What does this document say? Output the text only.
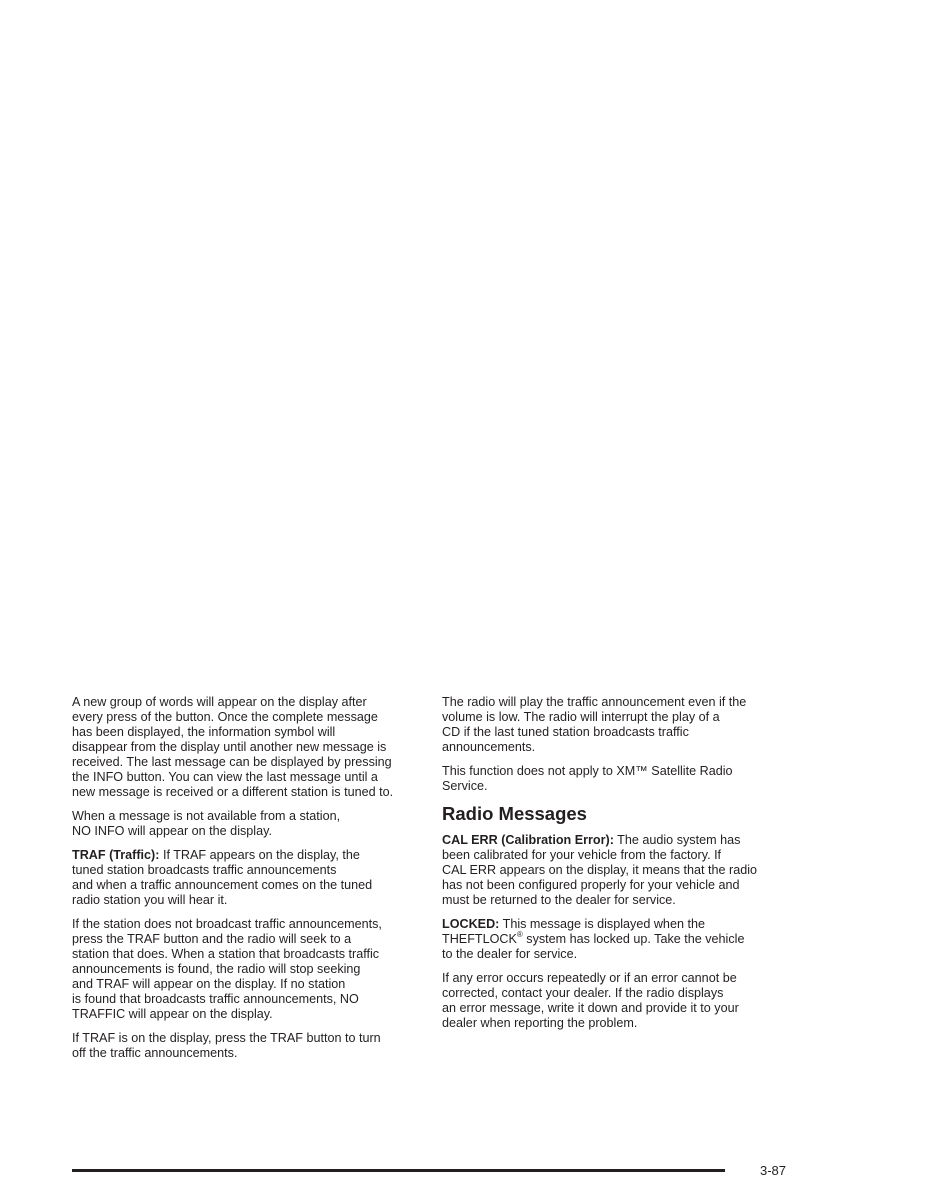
A new group of words will appear on the display after
every press of the button. Once the complete message
has been displayed, the information symbol will
disappear from the display until another new message is
received. The last message can be displayed by pressing
the INFO button. You can view the last message until a
new message is received or a different station is tuned to.

When a message is not available from a station,
NO INFO will appear on the display.

TRAF (Traffic): If TRAF appears on the display, the
tuned station broadcasts traffic announcements
and when a traffic announcement comes on the tuned
radio station you will hear it.

If the station does not broadcast traffic announcements,
press the TRAF button and the radio will seek to a
station that does. When a station that broadcasts traffic
announcements is found, the radio will stop seeking
and TRAF will appear on the display. If no station
is found that broadcasts traffic announcements, NO
TRAFFIC will appear on the display.

If TRAF is on the display, press the TRAF button to turn
off the traffic announcements.

The radio will play the traffic announcement even if the
volume is low. The radio will interrupt the play of a
CD if the last tuned station broadcasts traffic
announcements.

This function does not apply to XM™ Satellite Radio
Service.

Radio Messages

CAL ERR (Calibration Error): The audio system has
been calibrated for your vehicle from the factory. If
CAL ERR appears on the display, it means that the radio
has not been configured properly for your vehicle and
must be returned to the dealer for service.

LOCKED: This message is displayed when the
THEFTLOCK® system has locked up. Take the vehicle
to the dealer for service.

If any error occurs repeatedly or if an error cannot be
corrected, contact your dealer. If the radio displays
an error message, write it down and provide it to your
dealer when reporting the problem.

3-87
